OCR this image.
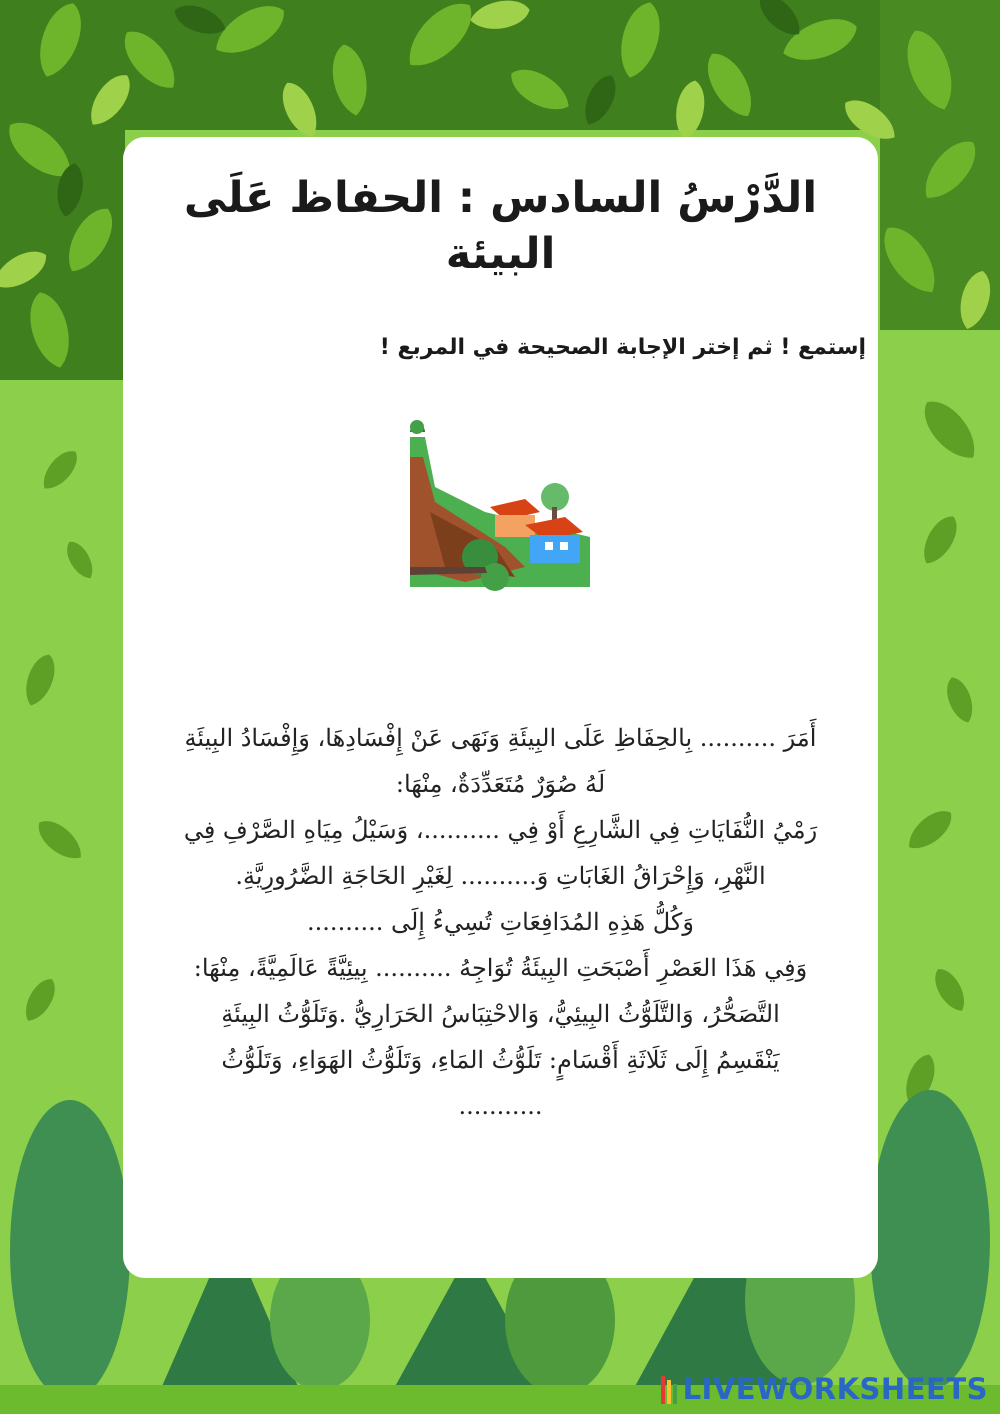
الدَّرْسُ السادس : الحفاظ عَلَى البيئة
إستمع ! ثم إختر الإجابة الصحيحة في المربع !

أَمَرَ .......... بِالحِفَاظِ عَلَى البِيئَةِ وَنَهَى عَنْ إِفْسَادِهَا، وَإِفْسَادُ البِيئَةِ

لَهُ صُوَرٌ مُتَعَدِّدَةٌ، مِنْهَا:

رَمْيُ النُّفَايَاتِ فِي الشَّارِعِ أَوْ فِي ..........، وَسَيْلُ مِيَاهِ الصَّرْفِ فِي

النَّهْرِ، وَإِحْرَاقُ الغَابَاتِ وَ.......... لِغَيْرِ الحَاجَةِ الضَّرُورِيَّةِ.

وَكُلُّ هَذِهِ المُدَافِعَاتِ تُسِيءُ إِلَى ..........

وَفِي هَذَا العَصْرِ أَصْبَحَتِ البِيئَةُ تُوَاجِهُ .......... بِيئِيَّةً عَالَمِيَّةً، مِنْهَا:

التَّصَحُّرُ، وَالتَّلَوُّثُ البِيئِيُّ، وَالاحْتِبَاسُ الحَرَارِيُّ .وَتَلَوُّثُ البِيئَةِ

يَنْقَسِمُ إِلَى ثَلَاثَةِ أَقْسَامٍ: تَلَوُّثُ المَاءِ، وَتَلَوُّثُ الهَوَاءِ، وَتَلَوُّثُ

...........

LIVEWORKSHEETS
